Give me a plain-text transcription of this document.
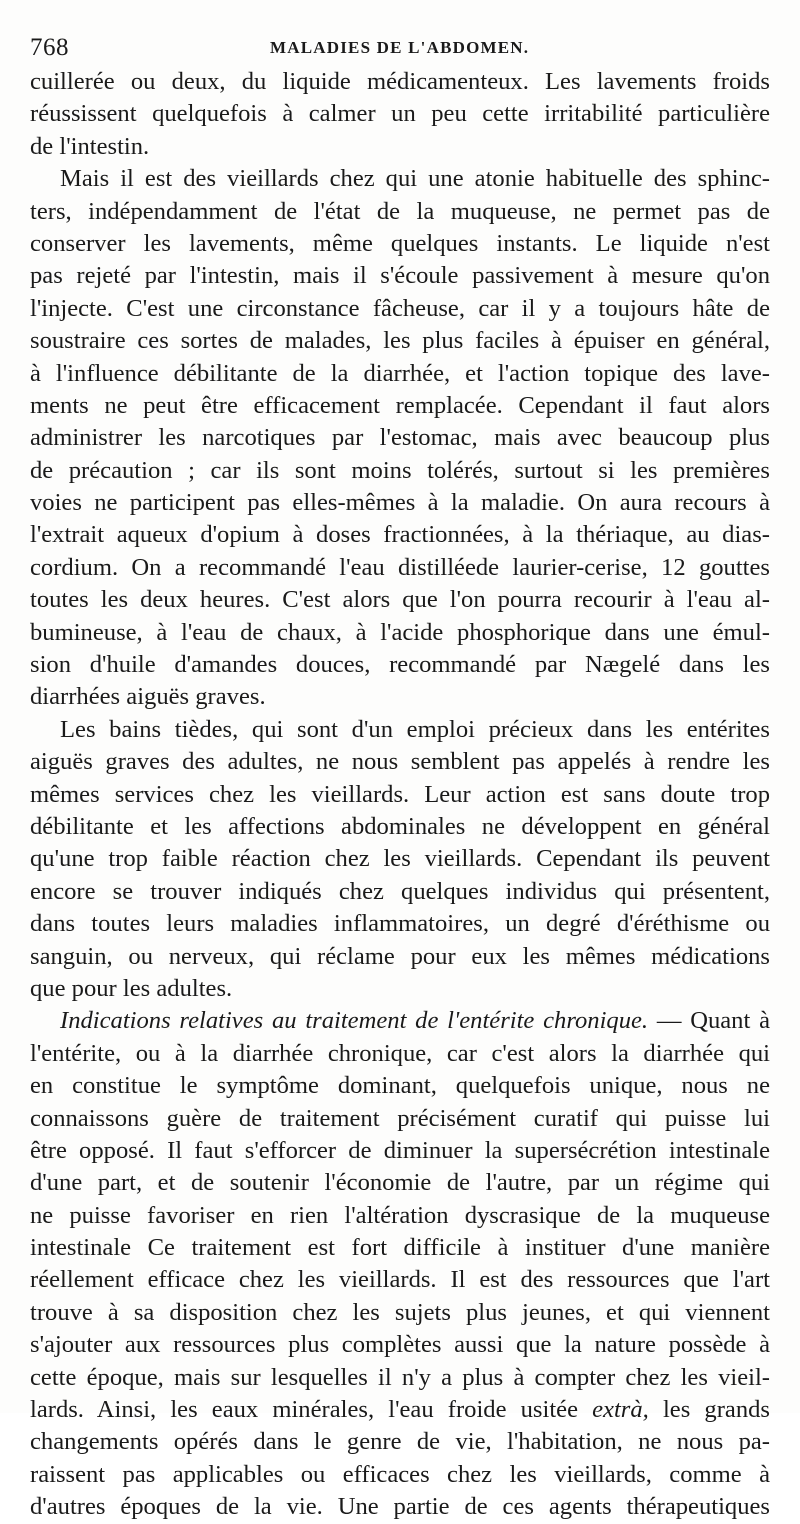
768	MALADIES DE L'ABDOMEN.
cuillerée ou deux, du liquide médicamenteux. Les lavements froids
réussissent quelquefois à calmer un peu cette irritabilité particulière
de l'intestin.
Mais il est des vieillards chez qui une atonie habituelle des sphinc-
ters, indépendamment de l'état de la muqueuse, ne permet pas de
conserver les lavements, même quelques instants. Le liquide n'est
pas rejeté par l'intestin, mais il s'écoule passivement à mesure qu'on
l'injecte. C'est une circonstance fâcheuse, car il y a toujours hâte de
soustraire ces sortes de malades, les plus faciles à épuiser en général,
à l'influence débilitante de la diarrhée, et l'action topique des lave-
ments ne peut être efficacement remplacée. Cependant il faut alors
administrer les narcotiques par l'estomac, mais avec beaucoup plus
de précaution ; car ils sont moins tolérés, surtout si les premières
voies ne participent pas elles-mêmes à la maladie. On aura recours à
l'extrait aqueux d'opium à doses fractionnées, à la thériaque, au dias-
cordium. On a recommandé l'eau distilléede laurier-cerise, 12 gouttes
toutes les deux heures. C'est alors que l'on pourra recourir à l'eau al-
bumineuse, à l'eau de chaux, à l'acide phosphorique dans une émul-
sion d'huile d'amandes douces, recommandé par Nægelé dans les
diarrhées aiguës graves.
Les bains tièdes, qui sont d'un emploi précieux dans les entérites
aiguës graves des adultes, ne nous semblent pas appelés à rendre les
mêmes services chez les vieillards. Leur action est sans doute trop
débilitante et les affections abdominales ne développent en général
qu'une trop faible réaction chez les vieillards. Cependant ils peuvent
encore se trouver indiqués chez quelques individus qui présentent,
dans toutes leurs maladies inflammatoires, un degré d'éréthisme ou
sanguin, ou nerveux, qui réclame pour eux les mêmes médications
que pour les adultes.
Indications relatives au traitement de l'entérite chronique. — Quant à
l'entérite, ou à la diarrhée chronique, car c'est alors la diarrhée qui
en constitue le symptôme dominant, quelquefois unique, nous ne
connaissons guère de traitement précisément curatif qui puisse lui
être opposé. Il faut s'efforcer de diminuer la supersécrétion intestinale
d'une part, et de soutenir l'économie de l'autre, par un régime qui
ne puisse favoriser en rien l'altération dyscrasique de la muqueuse
intestinale Ce traitement est fort difficile à instituer d'une manière
réellement efficace chez les vieillards. Il est des ressources que l'art
trouve à sa disposition chez les sujets plus jeunes, et qui viennent
s'ajouter aux ressources plus complètes aussi que la nature possède à
cette époque, mais sur lesquelles il n'y a plus à compter chez les vieil-
lards. Ainsi, les eaux minérales, l'eau froide usitée extrà, les grands
changements opérés dans le genre de vie, l'habitation, ne nous pa-
raissent pas applicables ou efficaces chez les vieillards, comme à
d'autres époques de la vie. Une partie de ces agents thérapeutiques
